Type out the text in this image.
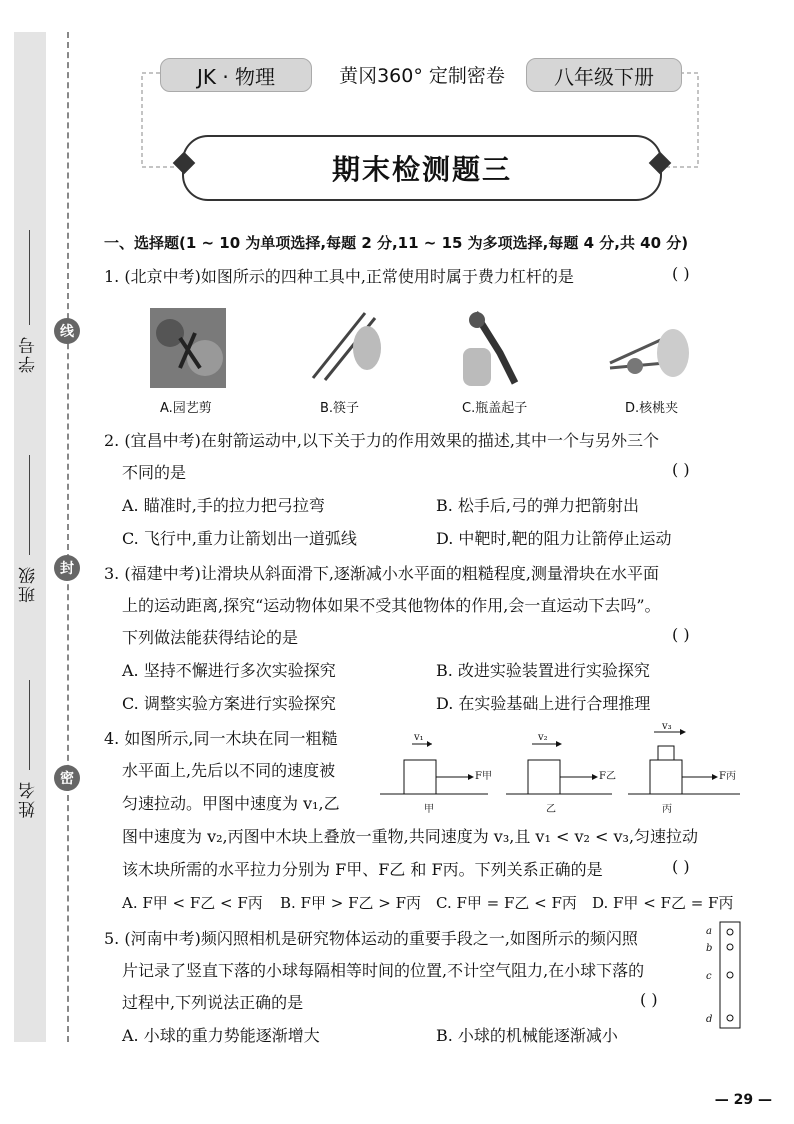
学号
班级
姓名
线
封
密
JK · 物理	黄冈360° 定制密卷	八年级下册
期末检测题三
一、选择题(1 ~ 10 为单项选择,每题 2 分,11 ~ 15 为多项选择,每题 4 分,共 40 分)
1. (北京中考)如图所示的四种工具中,正常使用时属于费力杠杆的是	( )
A.园艺剪	B.筷子	C.瓶盖起子	D.核桃夹
2. (宜昌中考)在射箭运动中,以下关于力的作用效果的描述,其中一个与另外三个
不同的是	( )
A. 瞄准时,手的拉力把弓拉弯	B. 松手后,弓的弹力把箭射出
C. 飞行中,重力让箭划出一道弧线	D. 中靶时,靶的阻力让箭停止运动
3. (福建中考)让滑块从斜面滑下,逐渐减小水平面的粗糙程度,测量滑块在水平面
上的运动距离,探究“运动物体如果不受其他物体的作用,会一直运动下去吗”。
下列做法能获得结论的是	( )
A. 坚持不懈进行多次实验探究	B. 改进实验装置进行实验探究
C. 调整实验方案进行实验探究	D. 在实验基础上进行合理推理
4. 如图所示,同一木块在同一粗糙
水平面上,先后以不同的速度被
匀速拉动。甲图中速度为 v₁,乙
图中速度为 v₂,丙图中木块上叠放一重物,共同速度为 v₃,且 v₁ < v₂ < v₃,匀速拉动
该木块所需的水平拉力分别为 F甲、F乙 和 F丙。下列关系正确的是	( )
A. F甲 < F乙 < F丙 B. F甲 > F乙 > F丙 C. F甲 = F乙 < F丙 D. F甲 < F乙 = F丙
v₁
F甲
甲
v₂
F乙
乙
v₃
F丙
丙
5. (河南中考)频闪照相机是研究物体运动的重要手段之一,如图所示的频闪照
片记录了竖直下落的小球每隔相等时间的位置,不计空气阻力,在小球下落的
过程中,下列说法正确的是	( )
A. 小球的重力势能逐渐增大	B. 小球的机械能逐渐减小
a
b
c
d
— 29 —
